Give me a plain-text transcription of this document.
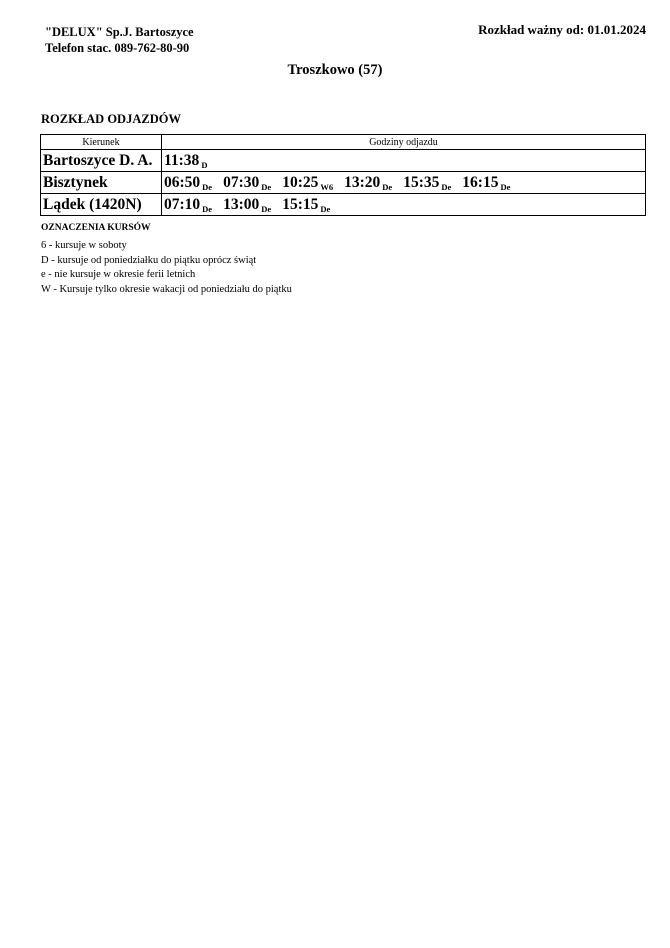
"DELUX" Sp.J. Bartoszyce
Telefon stac. 089-762-80-90
Rozkład ważny od: 01.01.2024
Troszkowo (57)
ROZKŁAD ODJAZDÓW
Kierunek	Godziny odjazdu
Bartoszyce D. A.	11:38 D
Bisztynek	06:50 De 07:30 De 10:25 W6 13:20 De 15:35 De 16:15 De
Lądek (1420N)	07:10 De 13:00 De 15:15 De
OZNACZENIA KURSÓW
6 - kursuje w soboty
D - kursuje od poniedziałku do piątku oprócz świąt
e - nie kursuje w okresie ferii letnich
W - Kursuje tylko okresie wakacji od poniedziału do piątku
